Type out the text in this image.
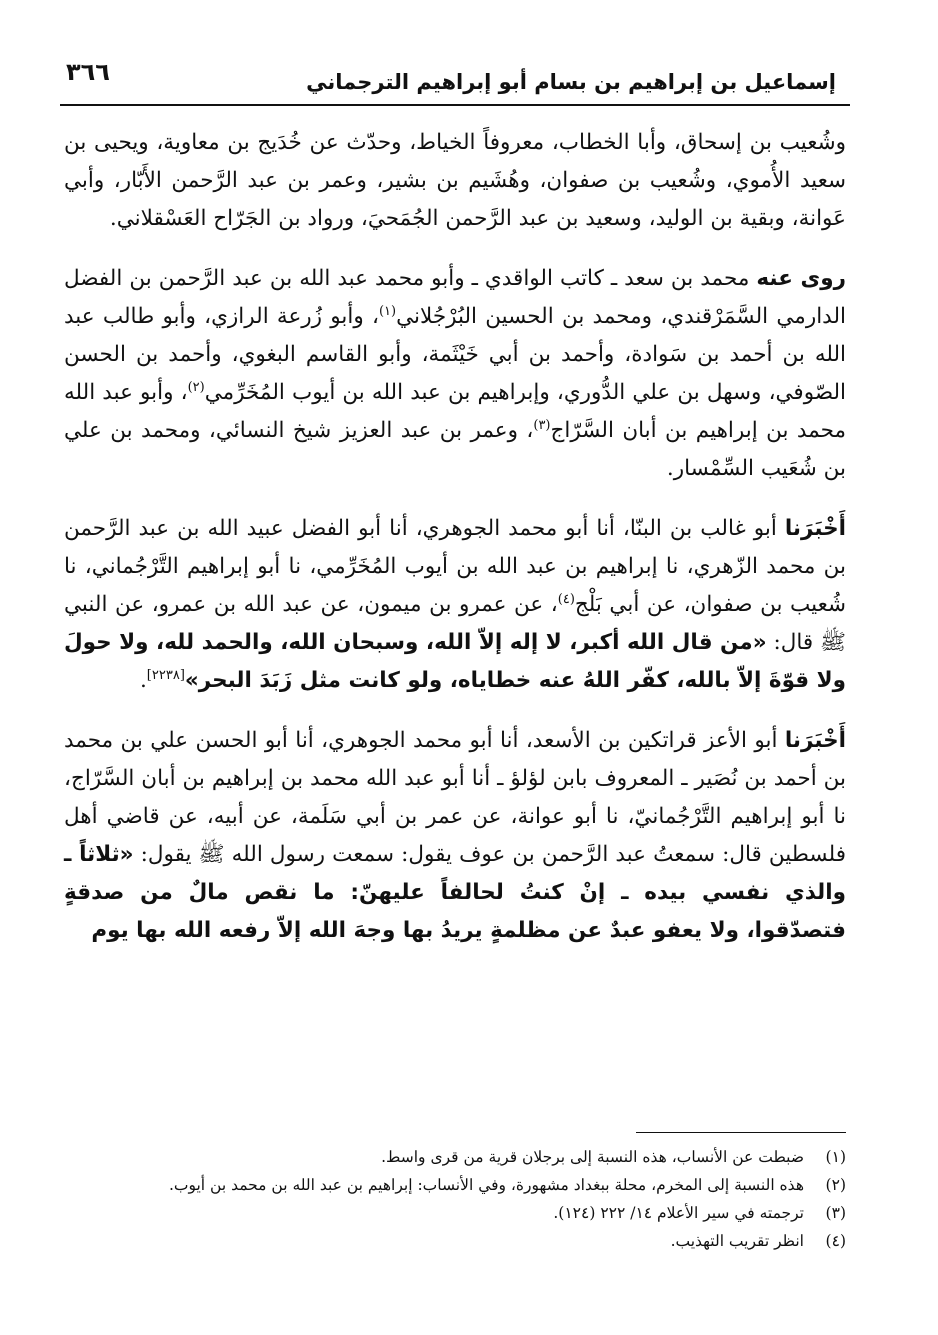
إسماعيل بن إبراهيم بن بسام أبو إبراهيم الترجماني
٣٦٦

وشُعيب بن إسحاق، وأبا الخطاب، معروفاً الخياط، وحدّث عن خُدَيج بن معاوية، ويحيى بن سعيد الأُموي، وشُعيب بن صفوان، وهُشَيم بن بشير، وعمر بن عبد الرَّحمن الأَبّار، وأبي عَوانة، وبقية بن الوليد، وسعيد بن عبد الرَّحمن الجُمَحيَ، ورواد بن الجَرّاح العَسْقلاني.

روى عنه محمد بن سعد ـ كاتب الواقدي ـ وأبو محمد عبد الله بن عبد الرَّحمن بن الفضل الدارمي السَّمَرْقندي، ومحمد بن الحسين البُرْجُلاني$^{(١)}$، وأبو زُرعة الرازي، وأبو طالب عبد الله بن أحمد بن سَوادة، وأحمد بن أبي خَيْثَمة، وأبو القاسم البغوي، وأحمد بن الحسن الصّوفي، وسهل بن علي الدُّوري، وإبراهيم بن عبد الله بن أيوب المُخَرِّمي$^{(٢)}$، وأبو عبد الله محمد بن إبراهيم بن أبان السَّرّاج$^{(٣)}$، وعمر بن عبد العزيز شيخ النسائي، ومحمد بن علي بن شُعَيب السِّمْسار.

أَخْبَرَنا أبو غالب بن البنّا، أنا أبو محمد الجوهري، أنا أبو الفضل عبيد الله بن عبد الرَّحمن بن محمد الزّهري، نا إبراهيم بن عبد الله بن أيوب المُخَرِّمي، نا أبو إبراهيم التَّرْجُماني، نا شُعيب بن صفوان، عن أبي بَلْج$^{(٤)}$، عن عمرو بن ميمون، عن عبد الله بن عمرو، عن النبي ﷺ قال: «من قال الله أكبر، لا إله إلاّ الله، وسبحان الله، والحمد لله، ولا حولَ ولا قوّةَ إلاّ بالله، كفّر اللهُ عنه خطاياه، ولو كانت مثل زَبَدَ البحر»[٢٢٣٨].

أَخْبَرَنا أبو الأعز قراتكين بن الأسعد، أنا أبو محمد الجوهري، أنا أبو الحسن علي بن محمد بن أحمد بن نُصَير ـ المعروف بابن لؤلؤ ـ أنا أبو عبد الله محمد بن إبراهيم بن أبان السَّرّاج، نا أبو إبراهيم التَّرْجُمانيّ، نا أبو عوانة، عن عمر بن أبي سَلَمة، عن أبيه، عن قاضي أهل فلسطين قال: سمعتُ عبد الرَّحمن بن عوف يقول: سمعت رسول الله ﷺ يقول: «ثلاثاً ـ والذي نفسي بيده ـ إنْ كنتُ لحالفاً عليهنّ: ما نقص مالٌ من صدقةٍ فتصدّقوا، ولا يعفو عبدٌ عن مظلمةٍ يريدُ بها وجهَ الله إلاّ رفعه الله بها يوم

(١)
ضبطت عن الأنساب، هذه النسبة إلى برجلان قرية من قرى واسط.
(٢)
هذه النسبة إلى المخرم، محلة ببغداد مشهورة، وفي الأنساب: إبراهيم بن عبد الله بن محمد بن أيوب.
(٣)
ترجمته في سير الأعلام ١٤/ ٢٢٢ (١٢٤).
(٤)
انظر تقريب التهذيب.
